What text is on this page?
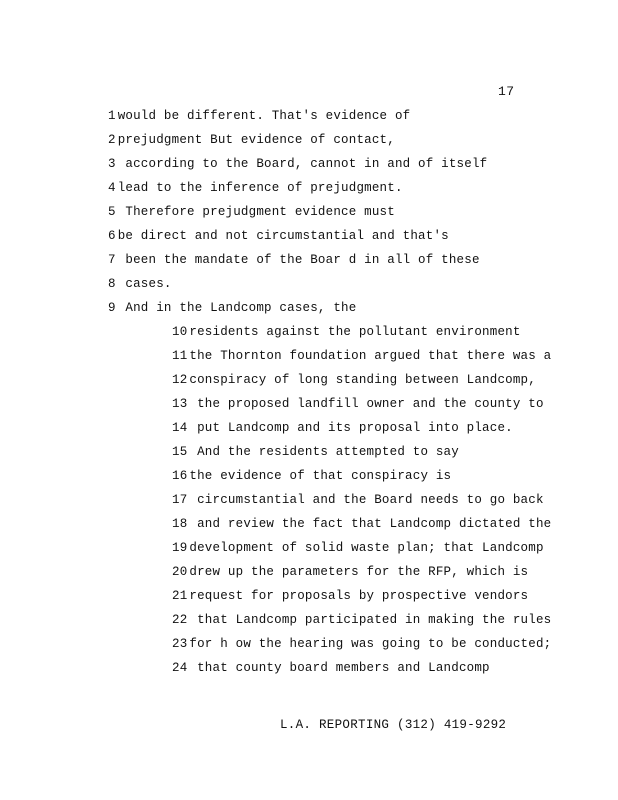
17
1 would be different. That's evidence of
2 prejudgment But evidence of contact,
3 according to the Board, cannot in and of itself
4 lead to the inference of prejudgment.
5 Therefore prejudgment evidence must
6 be direct and not circumstantial and that's
7 been the mandate of the Boar d in all of these
8 cases.
9 And in the Landcomp cases, the
10 residents against the pollutant environment
11 the Thornton foundation argued that there was a
12 conspiracy of long standing between Landcomp,
13 the proposed landfill owner and the county to
14 put Landcomp and its proposal into place.
15 And the residents attempted to say
16 the evidence of that conspiracy is
17 circumstantial and the Board needs to go back
18 and review the fact that Landcomp dictated the
19 development of solid waste plan; that Landcomp
20 drew up the parameters for the RFP, which is
21 request for proposals by prospective vendors
22 that Landcomp participated in making the rules
23 for h ow the hearing was going to be conducted;
24 that county board members and Landcomp
L.A. REPORTING (312) 419-9292
